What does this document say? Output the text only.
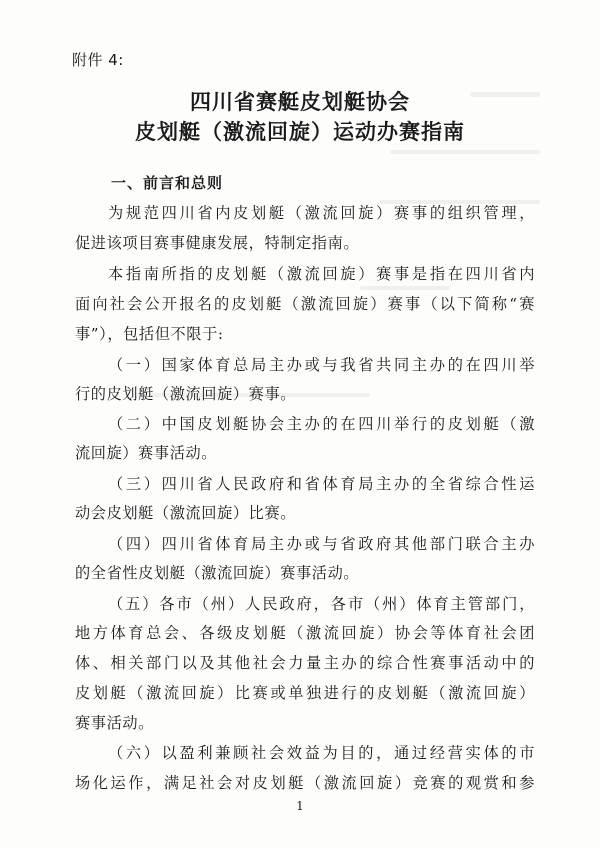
附件 4:
四川省赛艇皮划艇协会
皮划艇（激流回旋）运动办赛指南
一、前言和总则
为规范四川省内皮划艇（激流回旋）赛事的组织管理，
促进该项目赛事健康发展，特制定指南。
本指南所指的皮划艇（激流回旋）赛事是指在四川省内
面向社会公开报名的皮划艇（激流回旋）赛事（以下简称“赛
事”），包括但不限于:
（一）国家体育总局主办或与我省共同主办的在四川举
行的皮划艇（激流回旋）赛事。
（二）中国皮划艇协会主办的在四川举行的皮划艇（激
流回旋）赛事活动。
（三）四川省人民政府和省体育局主办的全省综合性运
动会皮划艇（激流回旋）比赛。
（四）四川省体育局主办或与省政府其他部门联合主办
的全省性皮划艇（激流回旋）赛事活动。
（五）各市（州）人民政府，各市（州）体育主管部门，
地方体育总会、各级皮划艇（激流回旋）协会等体育社会团
体、相关部门以及其他社会力量主办的综合性赛事活动中的
皮划艇（激流回旋）比赛或单独进行的皮划艇（激流回旋）
赛事活动。
（六）以盈利兼顾社会效益为目的，通过经营实体的市
场化运作，满足社会对皮划艇（激流回旋）竞赛的观赏和参
1
